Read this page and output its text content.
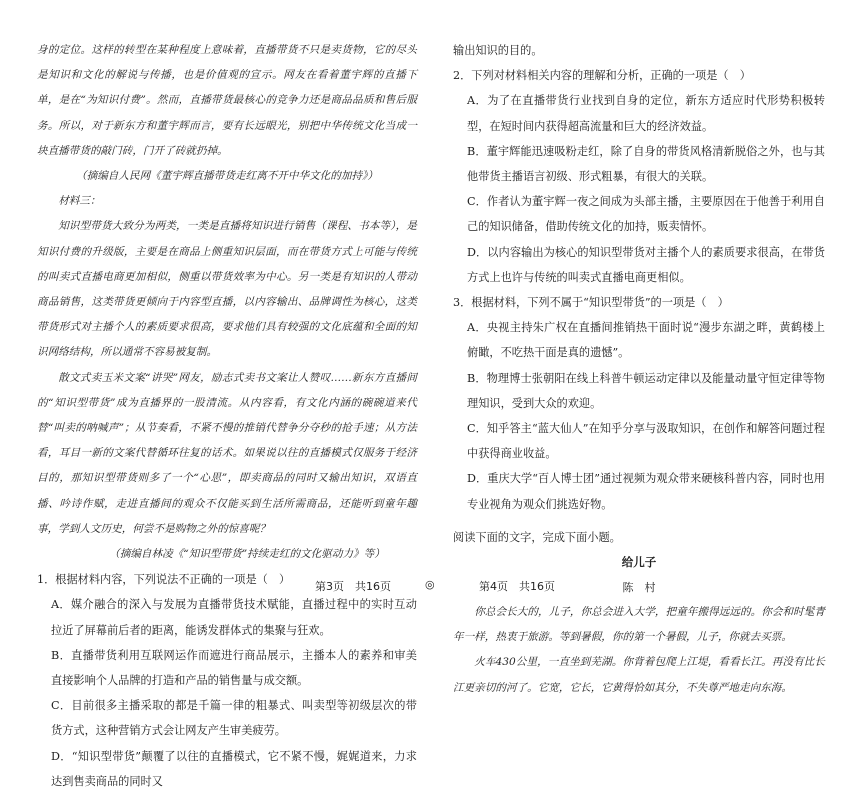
身的定位。这样的转型在某种程度上意味着，直播带货不只是卖货物，它的尽头是知识和文化的解说与传播，也是价值观的宣示。网友在看着董宇辉的直播下单，是在“为知识付费”。然而，直播带货最核心的竞争力还是商品品质和售后服务。所以，对于新东方和董宇辉而言，要有长远眼光，别把中华传统文化当成一块直播带货的敲门砖，门开了砖就扔掉。

（摘编自人民网《董宇辉直播带货走红离不开中华文化的加持》）

材料三：

知识型带货大致分为两类，一类是直播将知识进行销售（课程、书本等），是知识付费的升级版，主要是在商品上侧重知识层面，而在带货方式上可能与传统的叫卖式直播电商更加相似，侧重以带货效率为中心。另一类是有知识的人带动商品销售，这类带货更倾向于内容型直播，以内容输出、品牌调性为核心，这类带货形式对主播个人的素质要求很高，要求他们具有较强的文化底蕴和全面的知识网络结构，所以通常不容易被复制。

散文式卖玉米文案“讲哭”网友，励志式卖书文案让人赞叹……新东方直播间的“知识型带货”成为直播界的一股清流。从内容看，有文化内涵的碗碗道来代替“叫卖的呐喊声”；从节奏看，不紧不慢的推销代替争分夺秒的抢手速；从方法看，耳目一新的文案代替循环往复的话术。如果说以往的直播模式仅服务于经济目的，那知识型带货则多了一个“心思”，即卖商品的同时又输出知识，双语直播、吟诗作赋，走进直播间的观众不仅能买到生活所需商品，还能听到童年趣事，学到人文历史，何尝不是购物之外的惊喜呢？

（摘编自林凌《“知识型带货”持续走红的文化驱动力》等）

1．根据材料内容，下列说法不正确的一项是（　）

A．媒介融合的深入与发展为直播带货技术赋能，直播过程中的实时互动拉近了屏幕前后者的距离，能诱发群体式的集聚与狂欢。

B．直播带货利用互联网运作而遮进行商品展示，主播本人的素养和审美直接影响个人品牌的打造和产品的销售量与成交额。

C．目前很多主播采取的都是千篇一律的粗暴式、叫卖型等初级层次的带货方式，这种营销方式会让网友产生审美疲劳。

D．“知识型带货”颠覆了以往的直播模式，它不紧不慢，娓娓道来，力求达到售卖商品的同时又

输出知识的目的。

2．下列对材料相关内容的理解和分析，正确的一项是（　）

A．为了在直播带货行业找到自身的定位，新东方适应时代形势积极转型，在短时间内获得超高流量和巨大的经济效益。

B．董宇辉能迅速吸粉走红，除了自身的带货风格清新脱俗之外，也与其他带货主播语言初级、形式粗暴，有很大的关联。

C．作者认为董宇辉一夜之间成为头部主播，主要原因在于他善于利用自己的知识储备，借助传统文化的加持，贩卖情怀。

D．以内容输出为核心的知识型带货对主播个人的素质要求很高，在带货方式上也许与传统的叫卖式直播电商更相似。

3．根据材料，下列不属于“知识型带货”的一项是（　）

A．央视主持朱广权在直播间推销热干面时说“漫步东湖之畔，黄鹤楼上俯瞰，不吃热干面是真的遗憾”。

B．物理博士张朝阳在线上科普牛顿运动定律以及能量动量守恒定律等物理知识，受到大众的欢迎。

C．知乎答主“蓝大仙人”在知乎分享与汲取知识，在创作和解答问题过程中获得商业收益。

D．重庆大学“百人博士团”通过视频为观众带来硬核科普内容，同时也用专业视角为观众们挑选好物。

阅读下面的文字，完成下面小题。

给儿子

陈　村

你总会长大的，儿子，你总会进入大学，把童年搬得远远的。你会和时髦青年一样，热衷于旅游。等到暑假，你的第一个暑假，儿子，你就去买票。

火车430公里，一直坐到芜湖。你背着包爬上江堤，看看长江。再没有比长江更亲切的河了。它宽，它长，它黄得恰如其分，不失尊严地走向东海。

第3页　共16页	◎	第4页　共16页
